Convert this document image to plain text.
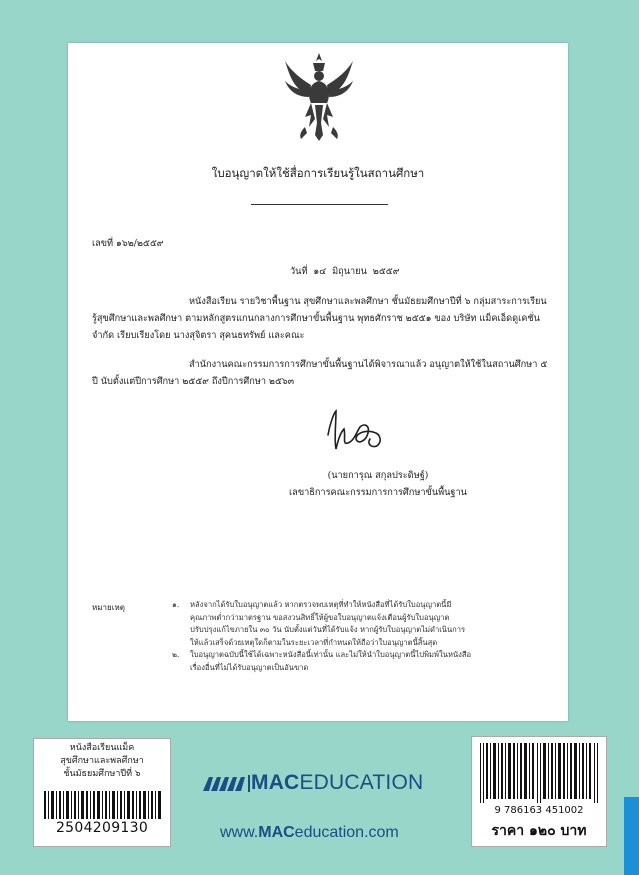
ใบอนุญาตให้ใช้สื่อการเรียนรู้ในสถานศึกษา
เลขที่ ๑๖๒/๒๕๕๙
วันที่ ๑๔ มิถุนายน ๒๕๕๙
หนังสือเรียน รายวิชาพื้นฐาน สุขศึกษาและพลศึกษา ชั้นมัธยมศึกษาปีที่ ๖ กลุ่มสาระการเรียนรู้สุขศึกษาและพลศึกษา ตามหลักสูตรแกนกลางการศึกษาขั้นพื้นฐาน พุทธศักราช ๒๕๕๑ ของ บริษัท แม็คเอ็ดดูเคชั่น จำกัด เรียบเรียงโดย นางสุจิตรา สุคนธทรัพย์ และคณะ
สำนักงานคณะกรรมการการศึกษาขั้นพื้นฐานได้พิจารณาแล้ว อนุญาตให้ใช้ในสถานศึกษา ๕ ปี นับตั้งแต่ปีการศึกษา ๒๕๕๙ ถึงปีการศึกษา ๒๕๖๓
(นายการุณ สกุลประดิษฐ์)
เลขาธิการคณะกรรมการการศึกษาขั้นพื้นฐาน
หมายเหตุ	๑.	หลังจากได้รับใบอนุญาตแล้ว หากตรวจพบเหตุที่ทำให้หนังสือที่ได้รับใบอนุญาตนี้มีคุณภาพต่ำกว่ามาตรฐาน ขอสงวนสิทธิ์ให้ผู้ขอใบอนุญาตแจ้งเตือนผู้รับใบอนุญาตปรับปรุงแก้ไขภายใน ๓๐ วัน นับตั้งแต่วันที่ได้รับแจ้ง หากผู้รับใบอนุญาตไม่ดำเนินการให้แล้วเสร็จด้วยเหตุใดก็ตามในระยะเวลาที่กำหนดให้ถือว่าใบอนุญาตนี้สิ้นสุด
๒.	ใบอนุญาตฉบับนี้ใช้ได้เฉพาะหนังสือนี้เท่านั้น และไม่ให้นำใบอนุญาตนี้ไปพิมพ์ในหนังสือเรื่องอื่นที่ไม่ได้รับอนุญาตเป็นอันขาด
หนังสือเรียนแม็ค
สุขศึกษาและพลศึกษา
ชั้นมัธยมศึกษาปีที่ ๖
2504209130
MACEDUCATION
www.MACeducation.com
9 786163 451002
ราคา ๑๒๐ บาท
